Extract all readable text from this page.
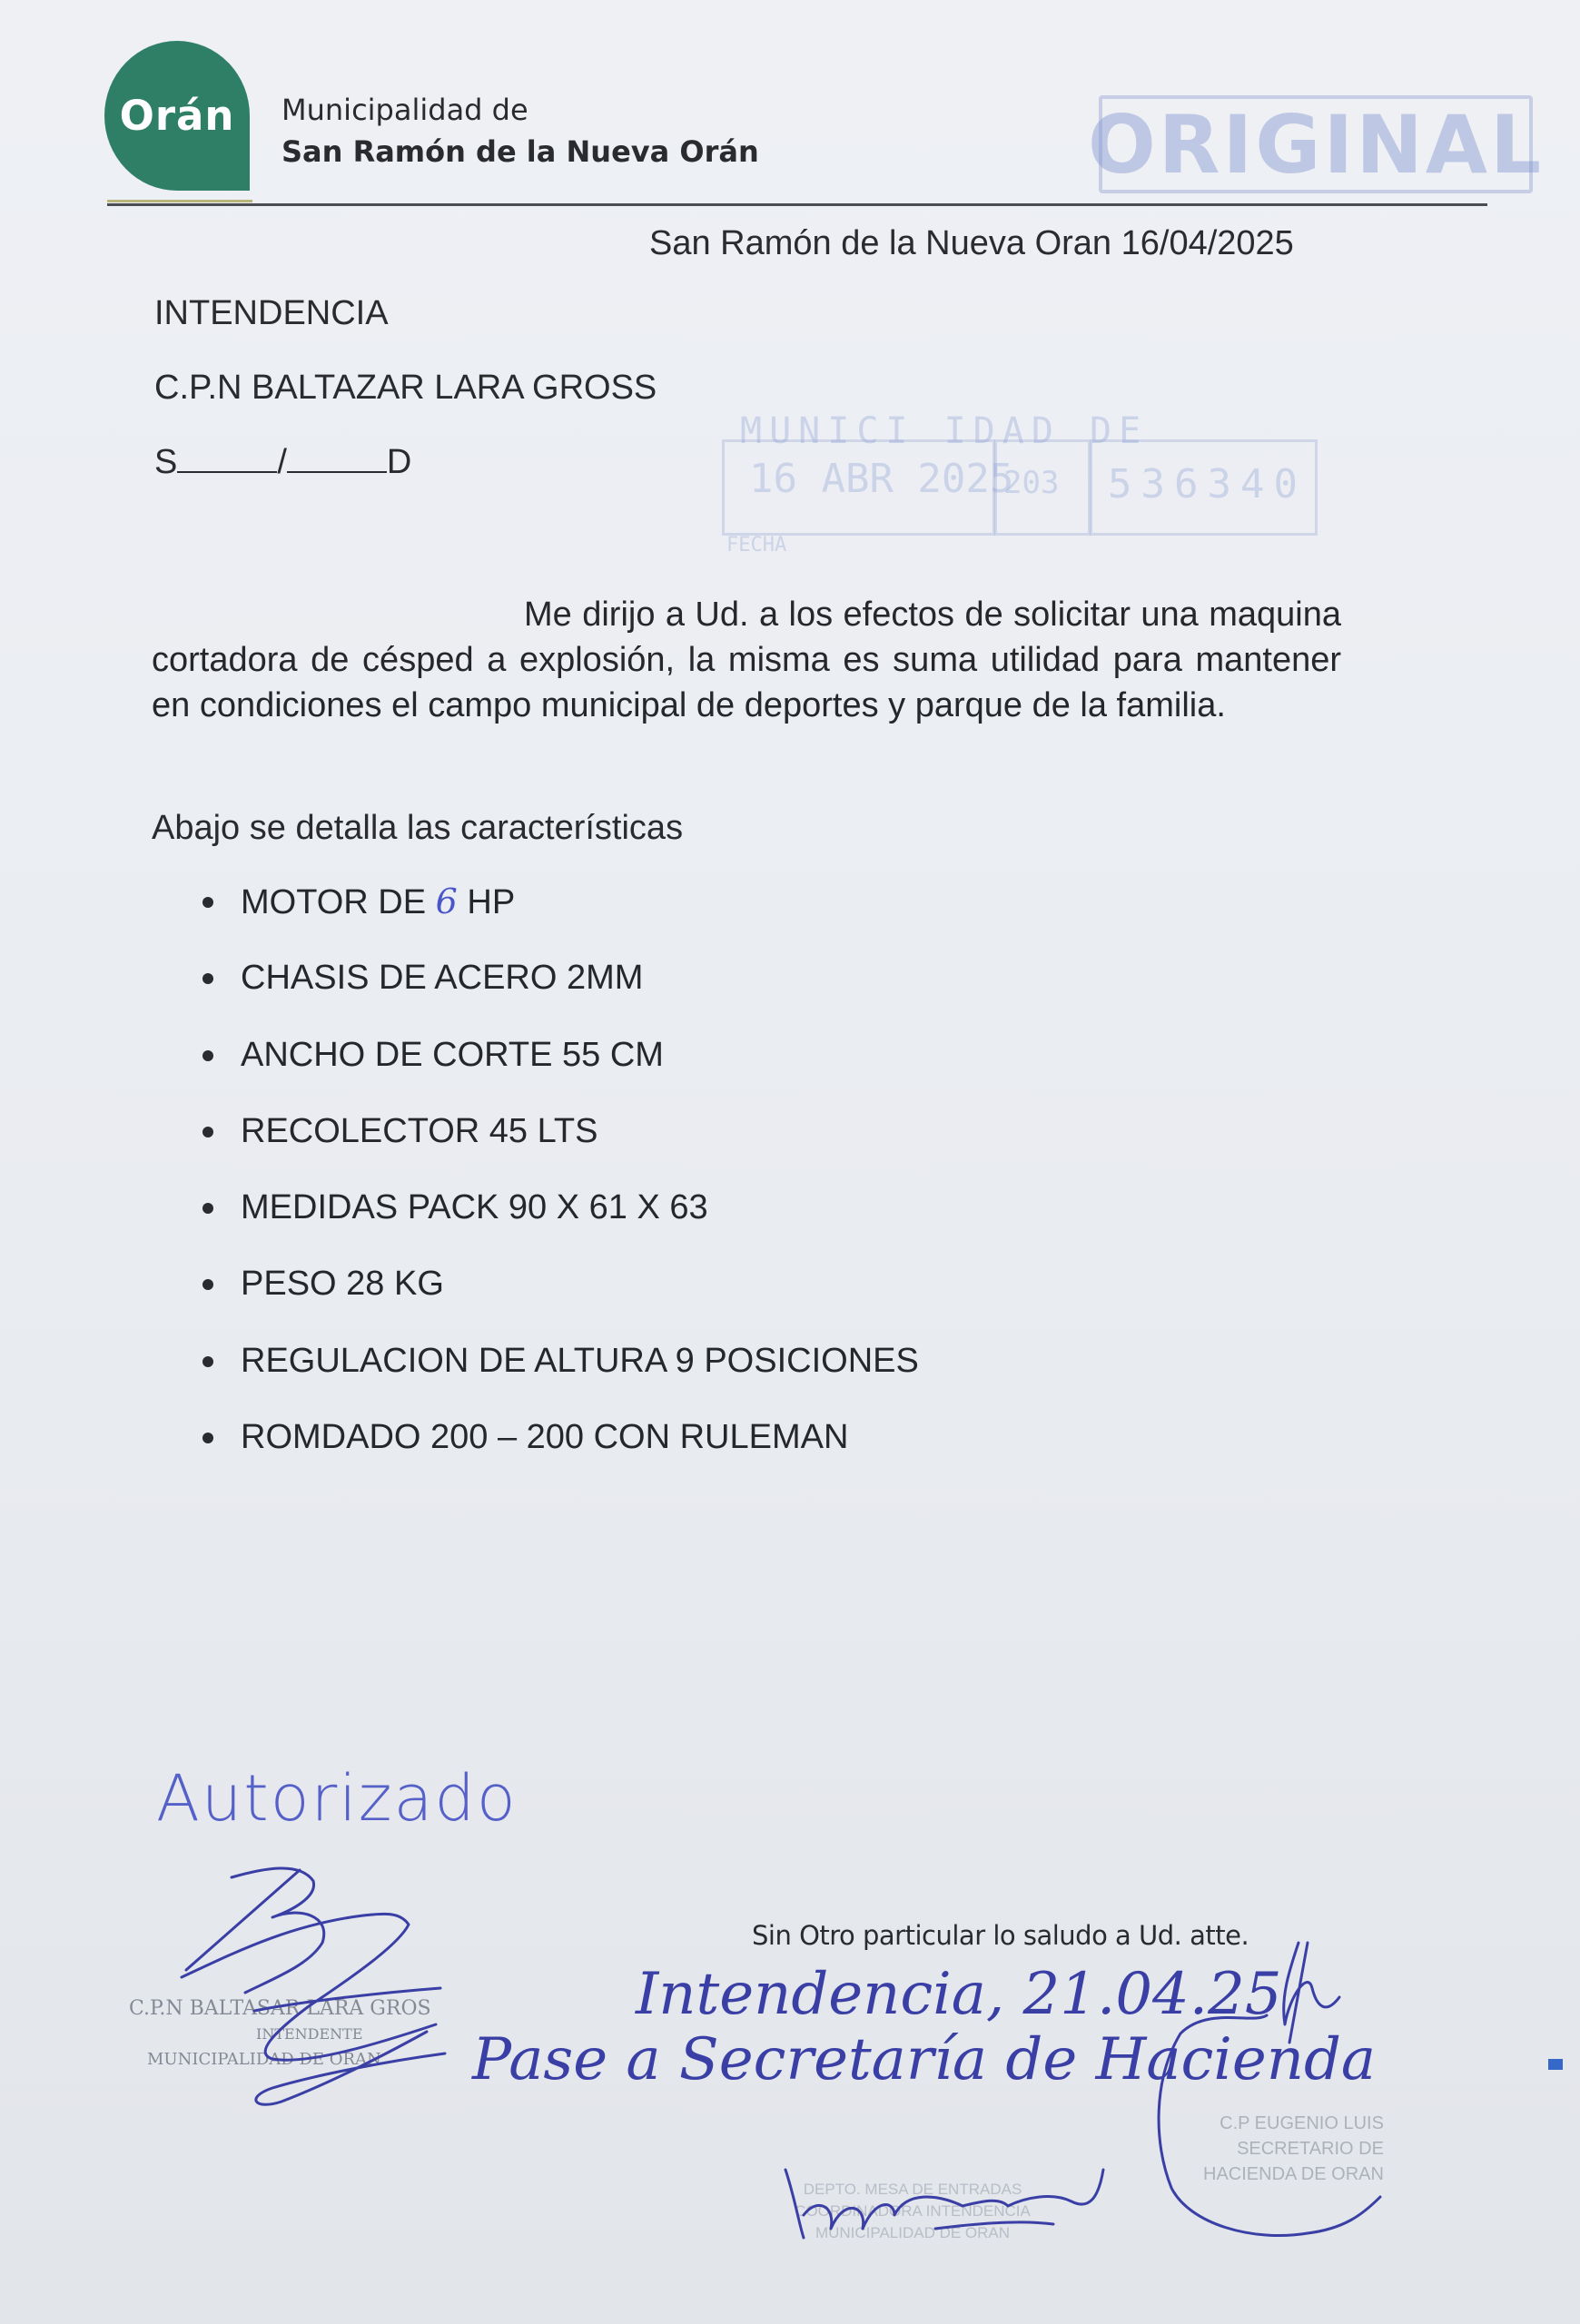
Orán Municipalidad de
San Ramón de la Nueva Orán	ORIGINAL
MUNICI IDAD DE
16 ABR 2025
203 536340
FECHA
San Ramón de la Nueva Oran 16/04/2025
INTENDENCIA
C.P.N BALTAZAR LARA GROSS
S	/	D
Me dirijo a Ud. a los efectos de solicitar una maquina cortadora de césped a explosión, la misma es suma utilidad para mantener en condiciones el campo municipal de deportes y parque de la familia.
Abajo se detalla las características
MOTOR DE 6 HP
CHASIS DE ACERO 2MM
ANCHO DE CORTE 55 CM
RECOLECTOR 45 LTS
MEDIDAS PACK 90 X 61 X 63
PESO 28 KG
REGULACION DE ALTURA 9 POSICIONES
ROMDADO 200 – 200 CON RULEMAN
Sin Otro particular lo saludo a Ud. atte.
Autorizado
Intendencia, 21.04.25
Pase a Secretaría de Hacienda
C.P.N BALTASAR LARA GROS
INTENDENTE
MUNICIPALIDAD DE ORAN
C.P EUGENIO LUIS
SECRETARIO DE
HACIENDA DE ORAN
DEPTO. MESA DE ENTRADAS
COORDINADORA INTENDENCIA
MUNICIPALIDAD DE ORAN
